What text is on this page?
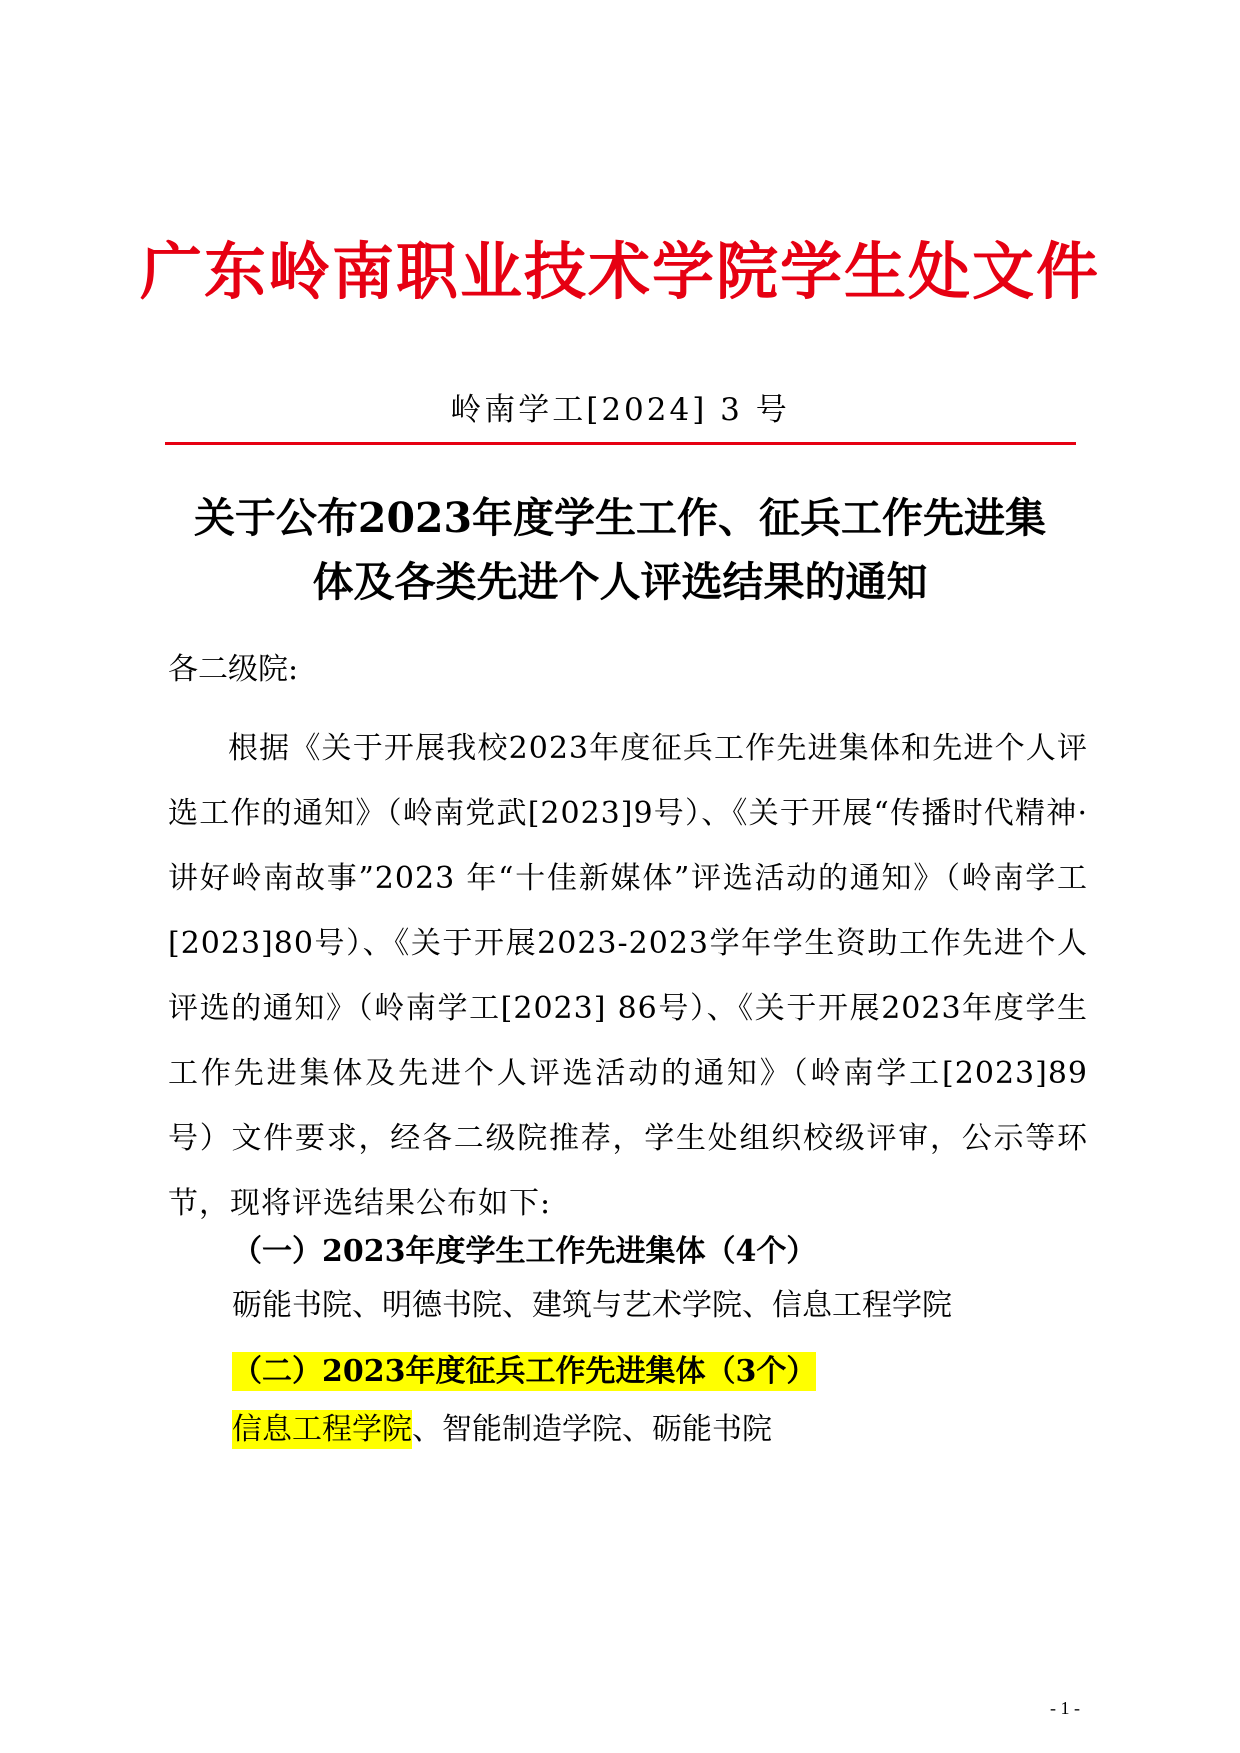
广东岭南职业技术学院学生处文件
岭南学工[2024] 3 号
关于公布2023年度学生工作、征兵工作先进集
体及各类先进个人评选结果的通知
各二级院:
根据《关于开展我校2023年度征兵工作先进集体和先进个人评选工作的通知》（岭南党武[2023]9号）、《关于开展“传播时代精神·讲好岭南故事”2023 年“十佳新媒体”评选活动的通知》（岭南学工[2023]80号）、《关于开展2023-2023学年学生资助工作先进个人评选的通知》（岭南学工[2023] 86号）、《关于开展2023年度学生工作先进集体及先进个人评选活动的通知》（岭南学工[2023]89号）文件要求，经各二级院推荐，学生处组织校级评审，公示等环节，现将评选结果公布如下:
（一）2023年度学生工作先进集体（4个）
砺能书院、明德书院、建筑与艺术学院、信息工程学院
（二）2023年度征兵工作先进集体（3个）
信息工程学院、智能制造学院、砺能书院
- 1 -
